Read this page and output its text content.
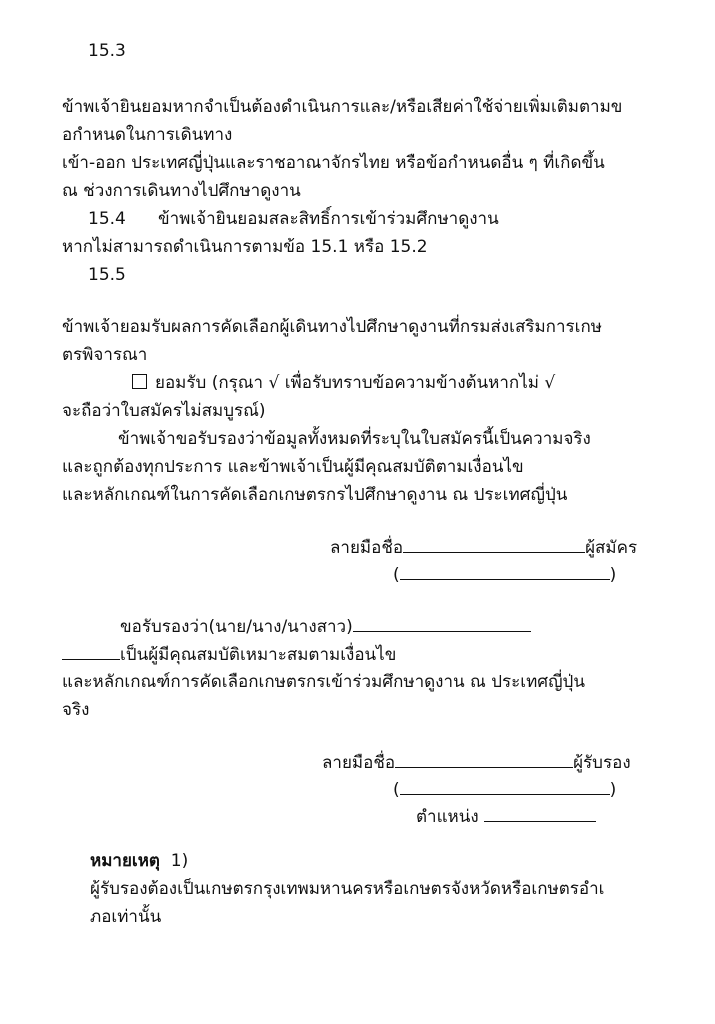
15.3
ข้าพเจ้ายินยอมหากจำเป็นต้องดำเนินการและ/หรือเสียค่าใช้จ่ายเพิ่มเติมตามข
อกำหนดในการเดินทาง
เข้า-ออก ประเทศญี่ปุ่นและราชอาณาจักรไทย หรือข้อกำหนดอื่น ๆ ที่เกิดขึ้น
ณ ช่วงการเดินทางไปศึกษาดูงาน
15.4 ข้าพเจ้ายินยอมสละสิทธิ์การเข้าร่วมศึกษาดูงาน
หากไม่สามารถดำเนินการตามข้อ 15.1 หรือ 15.2
15.5
ข้าพเจ้ายอมรับผลการคัดเลือกผู้เดินทางไปศึกษาดูงานที่กรมส่งเสริมการเกษ
ตรพิจารณา
ยอมรับ (กรุณา √ เพื่อรับทราบข้อความข้างต้นหากไม่ √
จะถือว่าใบสมัครไม่สมบูรณ์)
ข้าพเจ้าขอรับรองว่าข้อมูลทั้งหมดที่ระบุในใบสมัครนี้เป็นความจริง
และถูกต้องทุกประการ และข้าพเจ้าเป็นผู้มีคุณสมบัติตามเงื่อนไข
และหลักเกณฑ์ในการคัดเลือกเกษตรกรไปศึกษาดูงาน ณ ประเทศญี่ปุ่น
ลายมือชื่อ	ผู้สมัคร
(	)
ขอรับรองว่า(นาย/นาง/นางสาว)
เป็นผู้มีคุณสมบัติเหมาะสมตามเงื่อนไข
และหลักเกณฑ์การคัดเลือกเกษตรกรเข้าร่วมศึกษาดูงาน ณ ประเทศญี่ปุ่น
จริง
ลายมือชื่อ	ผู้รับรอง
(	)
ตำแหน่ง
หมายเหตุ 1)
ผู้รับรองต้องเป็นเกษตรกรุงเทพมหานครหรือเกษตรจังหวัดหรือเกษตรอำเ
ภอเท่านั้น
